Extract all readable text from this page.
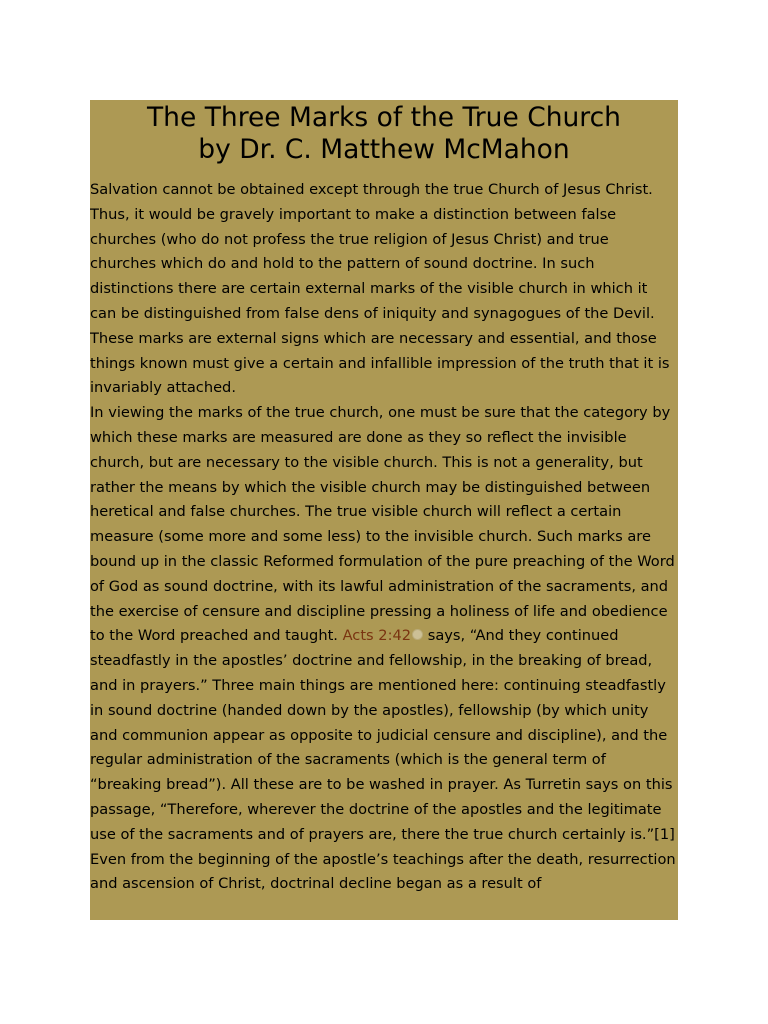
The Three Marks of the True Church
by Dr. C. Matthew McMahon

Salvation cannot be obtained except through the true Church of Jesus Christ. Thus, it would be gravely important to make a distinction between false churches (who do not profess the true religion of Jesus Christ) and true churches which do and hold to the pattern of sound doctrine. In such distinctions there are certain external marks of the visible church in which it can be distinguished from false dens of iniquity and synagogues of the Devil. These marks are external signs which are necessary and essential, and those things known must give a certain and infallible impression of the truth that it is invariably attached.

In viewing the marks of the true church, one must be sure that the category by which these marks are measured are done as they so reflect the invisible church, but are necessary to the visible church. This is not a generality, but rather the means by which the visible church may be distinguished between heretical and false churches. The true visible church will reflect a certain measure (some more and some less) to the invisible church. Such marks are bound up in the classic Reformed formulation of the pure preaching of the Word of God as sound doctrine, with its lawful administration of the sacraments, and the exercise of censure and discipline pressing a holiness of life and obedience to the Word preached and taught. Acts 2:42 says, “And they continued steadfastly in the apostles’ doctrine and fellowship, in the breaking of bread, and in prayers.” Three main things are mentioned here: continuing steadfastly in sound doctrine (handed down by the apostles), fellowship (by which unity and communion appear as opposite to judicial censure and discipline), and the regular administration of the sacraments (which is the general term of “breaking bread”). All these are to be washed in prayer. As Turretin says on this passage, “Therefore, wherever the doctrine of the apostles and the legitimate use of the sacraments and of prayers are, there the true church certainly is.”[1]

Even from the beginning of the apostle’s teachings after the death, resurrection and ascension of Christ, doctrinal decline began as a result of
